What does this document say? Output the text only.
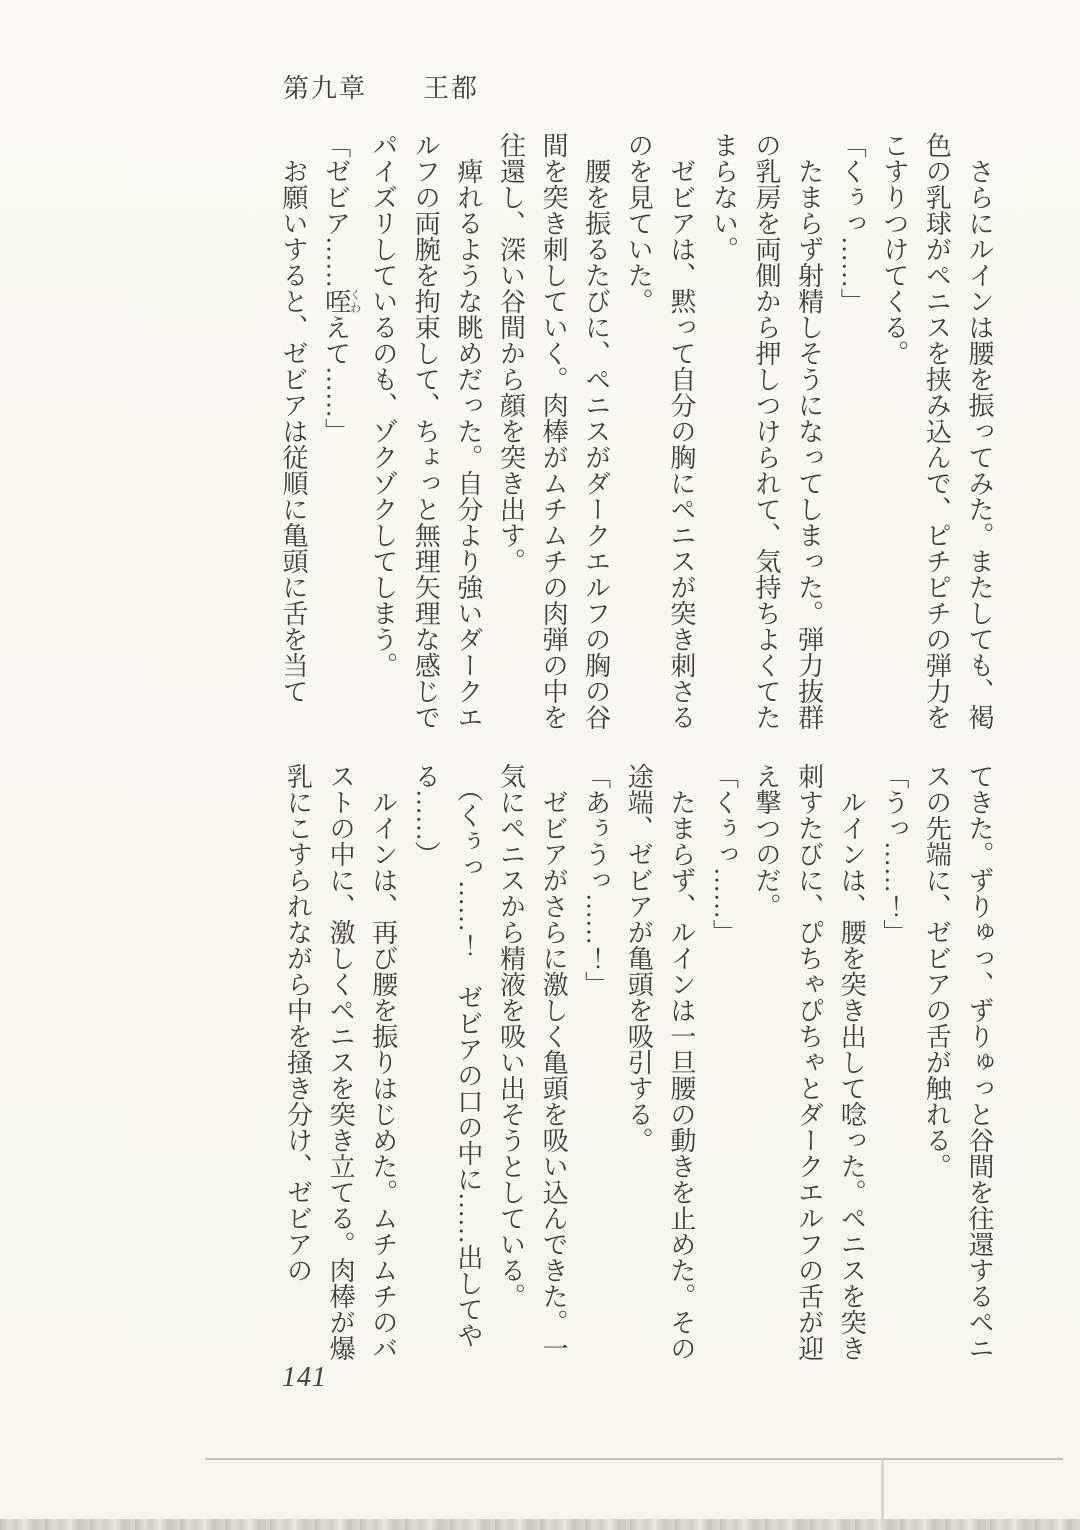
第九章　　王都

さらにルインは腰を振ってみた。またしても、褐色の乳球がペニスを挟み込んで、ピチピチの弾力をこすりつけてくる。

「くぅっ……」

たまらず射精しそうになってしまった。弾力抜群の乳房を両側から押しつけられて、気持ちよくてたまらない。

ゼビアは、黙って自分の胸にペニスが突き刺さるのを見ていた。

腰を振るたびに、ペニスがダークエルフの胸の谷間を突き刺していく。肉棒がムチムチの肉弾の中を往還し、深い谷間から顔を突き出す。

痺れるような眺めだった。自分より強いダークエルフの両腕を拘束して、ちょっと無理矢理な感じでパイズリしているのも、ゾクゾクしてしまう。

「ゼビア……咥くわえて……」

お願いすると、ゼビアは従順に亀頭に舌を当て

てきた。ずりゅっ、ずりゅっと谷間を往還するペニスの先端に、ゼビアの舌が触れる。

「うっ……！」

ルインは、腰を突き出して唸った。ペニスを突き刺すたびに、ぴちゃぴちゃとダークエルフの舌が迎え撃つのだ。

「くぅっ……」

たまらず、ルインは一旦腰の動きを止めた。その途端、ゼビアが亀頭を吸引する。

「あぅうっ……！」

ゼビアがさらに激しく亀頭を吸い込んできた。一気にペニスから精液を吸い出そうとしている。

（くぅっ……！　ゼビアの口の中に……出してやる……）

ルインは、再び腰を振りはじめた。ムチムチのバストの中に、激しくペニスを突き立てる。肉棒が爆乳にこすられながら中を掻き分け、ゼビアの

141
